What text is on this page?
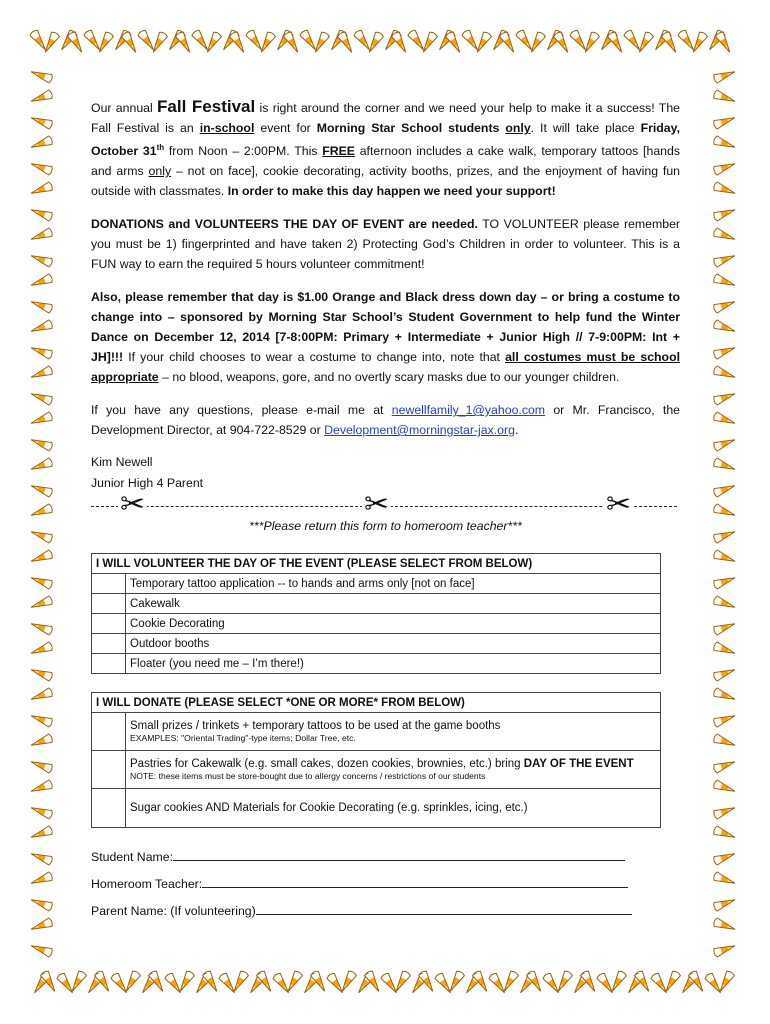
Our annual Fall Festival is right around the corner and we need your help to make it a success! The Fall Festival is an in-school event for Morning Star School students only. It will take place Friday, October 31th from Noon – 2:00PM. This FREE afternoon includes a cake walk, temporary tattoos [hands and arms only – not on face], cookie decorating, activity booths, prizes, and the enjoyment of having fun outside with classmates. In order to make this day happen we need your support!

DONATIONS and VOLUNTEERS THE DAY OF EVENT are needed. TO VOLUNTEER please remember you must be 1) fingerprinted and have taken 2) Protecting God’s Children in order to volunteer. This is a FUN way to earn the required 5 hours volunteer commitment!

Also, please remember that day is $1.00 Orange and Black dress down day – or bring a costume to change into – sponsored by Morning Star School’s Student Government to help fund the Winter Dance on December 12, 2014 [7-8:00PM: Primary + Intermediate + Junior High // 7-9:00PM: Int + JH]!!! If your child chooses to wear a costume to change into, note that all costumes must be school appropriate – no blood, weapons, gore, and no overtly scary masks due to our younger children.

If you have any questions, please e-mail me at newellfamily_1@yahoo.com or Mr. Francisco, the Development Director, at 904-722-8529 or Development@morningstar-jax.org.

Kim Newell

Junior High 4 Parent

✂	✂	✂
***Please return this form to homeroom teacher***
I WILL VOLUNTEER THE DAY OF THE EVENT (PLEASE SELECT FROM BELOW)	
	Temporary tattoo application -- to hands and arms only [not on face]
	Cakewalk
	Cookie Decorating
	Outdoor booths
	Floater (you need me – I’m there!)
I WILL DONATE (PLEASE SELECT *ONE OR MORE* FROM BELOW)	
	Small prizes / trinkets + temporary tattoos to be used at the game booths
EXAMPLES: "Oriental Trading"-type items; Dollar Tree, etc.

	Pastries for Cakewalk (e.g. small cakes, dozen cookies, brownies, etc.) bring DAY OF THE EVENT
NOTE: these items must be store-bought due to allergy concerns / restrictions of our students

	Sugar cookies AND Materials for Cookie Decorating (e.g. sprinkles, icing, etc.)
Student Name:
Homeroom Teacher:
Parent Name: (If volunteering)
